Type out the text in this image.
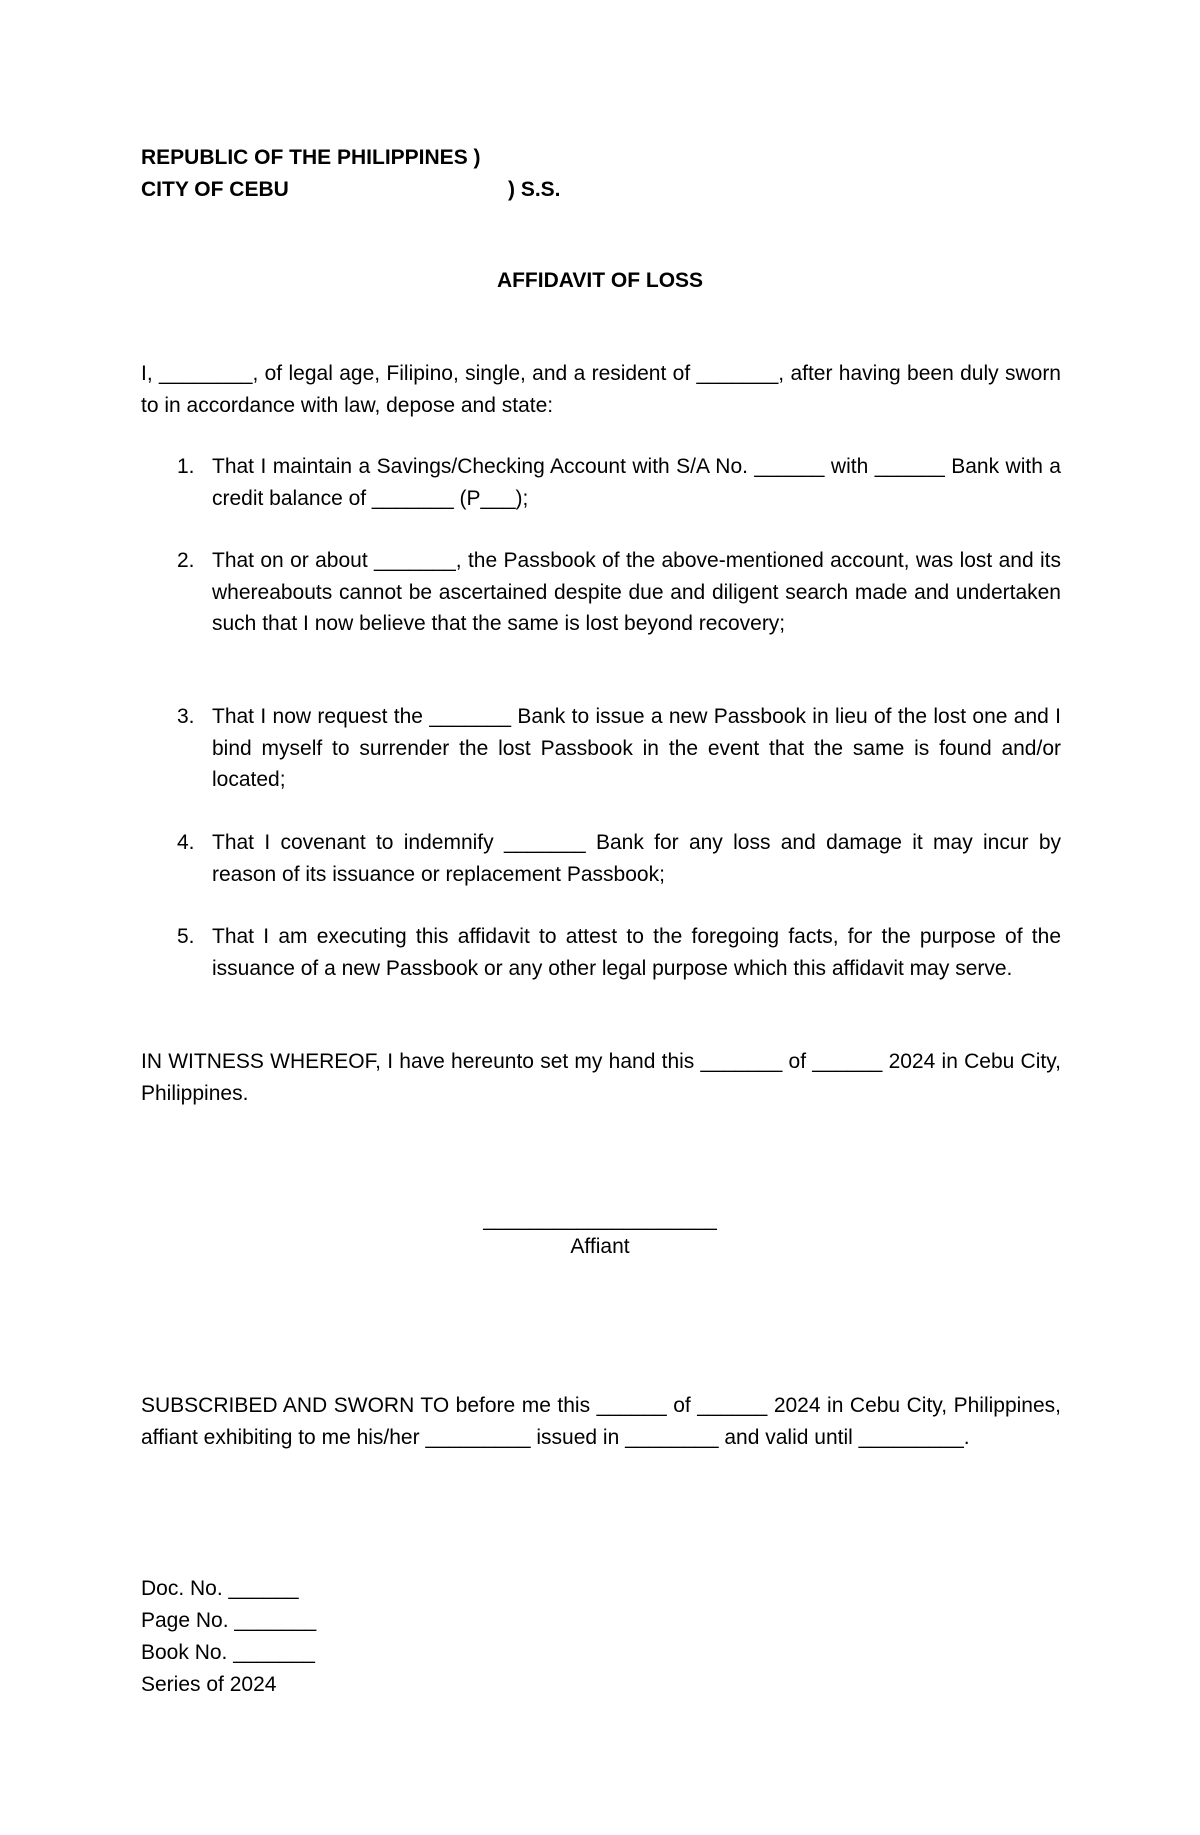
REPUBLIC OF THE PHILIPPINES )
CITY OF CEBU	) S.S.
AFFIDAVIT OF LOSS
I, ________, of legal age, Filipino, single, and a resident of _______, after having been duly sworn to in accordance with law, depose and state:
1. That I maintain a Savings/Checking Account with S/A No. ______ with ______ Bank with a credit balance of _______ (P___);
2. That on or about _______, the Passbook of the above-mentioned account, was lost and its whereabouts cannot be ascertained despite due and diligent search made and undertaken such that I now believe that the same is lost beyond recovery;
3. That I now request the _______ Bank to issue a new Passbook in lieu of the lost one and I bind myself to surrender the lost Passbook in the event that the same is found and/or located;
4. That I covenant to indemnify _______ Bank for any loss and damage it may incur by reason of its issuance or replacement Passbook;
5. That I am executing this affidavit to attest to the foregoing facts, for the purpose of the issuance of a new Passbook or any other legal purpose which this affidavit may serve.
IN WITNESS WHEREOF, I have hereunto set my hand this _______ of ______ 2024 in Cebu City, Philippines.
____________________
Affiant
SUBSCRIBED AND SWORN TO before me this ______ of ______ 2024 in Cebu City, Philippines, affiant exhibiting to me his/her _________ issued in ________ and valid until _________.
Doc. No. ______
Page No. _______
Book No. _______
Series of 2024
